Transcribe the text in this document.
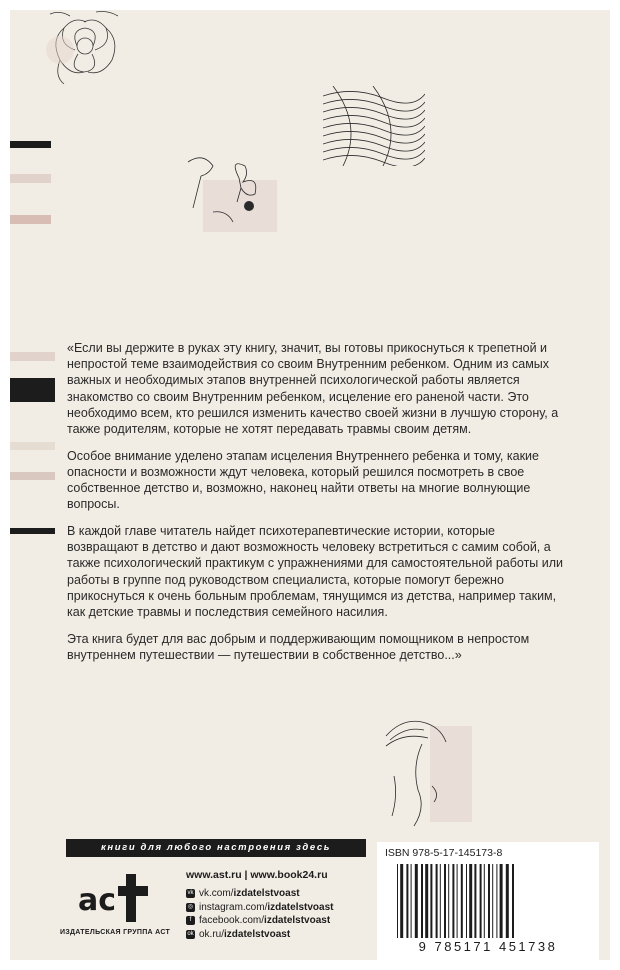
«Если вы держите в руках эту книгу, значит, вы готовы прикоснуться к трепетной и непростой теме взаимодействия со своим Внутренним ребенком. Одним из самых важных и необходимых этапов внутренней психологической работы является знакомство со своим Внутренним ребенком, исцеление его раненой части. Это необходимо всем, кто решился изменить качество своей жизни в лучшую сторону, а также родителям, которые не хотят передавать травмы своим детям.

Особое внимание уделено этапам исцеления Внутреннего ребенка и тому, какие опасности и возможности ждут человека, который решился посмотреть в свое собственное детство и, возможно, наконец найти ответы на многие волнующие вопросы.

В каждой главе читатель найдет психотерапевтические истории, которые возвращают в детство и дают возможность человеку встретиться с самим собой, а также психологический практикум с упражнениями для самостоятельной работы или работы в группе под руководством специалиста, которые помогут бережно прикоснуться к очень больным проблемам, тянущимся из детства, например таким, как детские травмы и последствия семейного насилия.

Эта книга будет для вас добрым и поддерживающим помощником в непростом внутреннем путешествии — путешествии в собственное детство...»

книги для любого настроения здесь
ac
ИЗДАТЕЛЬСКАЯ ГРУППА АСТ
www.ast.ru | www.book24.ru
vk vk.com/ izdatelstvoast
◎ instagram.com/ izdatelstvoast
f facebook.com/ izdatelstvoast
ok ok.ru/ izdatelstvoast
ISBN 978-5-17-145173-8
9 785171 451738
